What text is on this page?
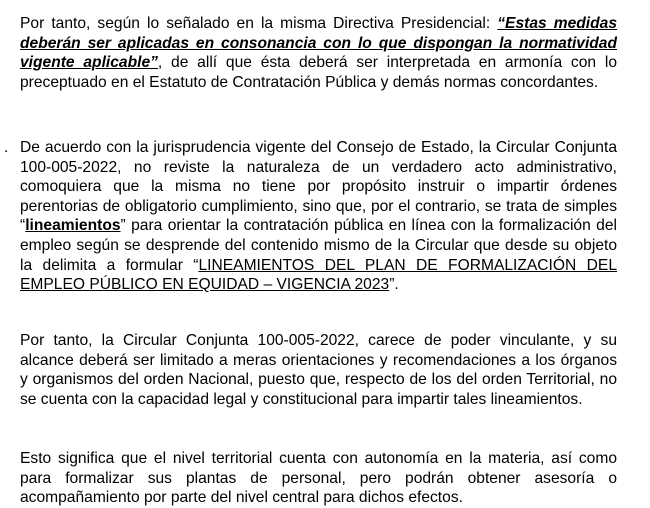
Por tanto, según lo señalado en la misma Directiva Presidencial: “Estas medidas deberán ser aplicadas en consonancia con lo que dispongan la normatividad vigente aplicable”, de allí que ésta deberá ser interpretada en armonía con lo preceptuado en el Estatuto de Contratación Pública y demás normas concordantes.

. De acuerdo con la jurisprudencia vigente del Consejo de Estado, la Circular Conjunta 100-005-2022, no reviste la naturaleza de un verdadero acto administrativo, comoquiera que la misma no tiene por propósito instruir o impartir órdenes perentorias de obligatorio cumplimiento, sino que, por el contrario, se trata de simples “lineamientos” para orientar la contratación pública en línea con la formalización del empleo según se desprende del contenido mismo de la Circular que desde su objeto la delimita a formular “LINEAMIENTOS DEL PLAN DE FORMALIZACIÓN DEL EMPLEO PÚBLICO EN EQUIDAD – VIGENCIA 2023”.

Por tanto, la Circular Conjunta 100-005-2022, carece de poder vinculante, y su alcance deberá ser limitado a meras orientaciones y recomendaciones a los órganos y organismos del orden Nacional, puesto que, respecto de los del orden Territorial, no se cuenta con la capacidad legal y constitucional para impartir tales lineamientos.

Esto significa que el nivel territorial cuenta con autonomía en la materia, así como para formalizar sus plantas de personal, pero podrán obtener asesoría o acompañamiento por parte del nivel central para dichos efectos.
